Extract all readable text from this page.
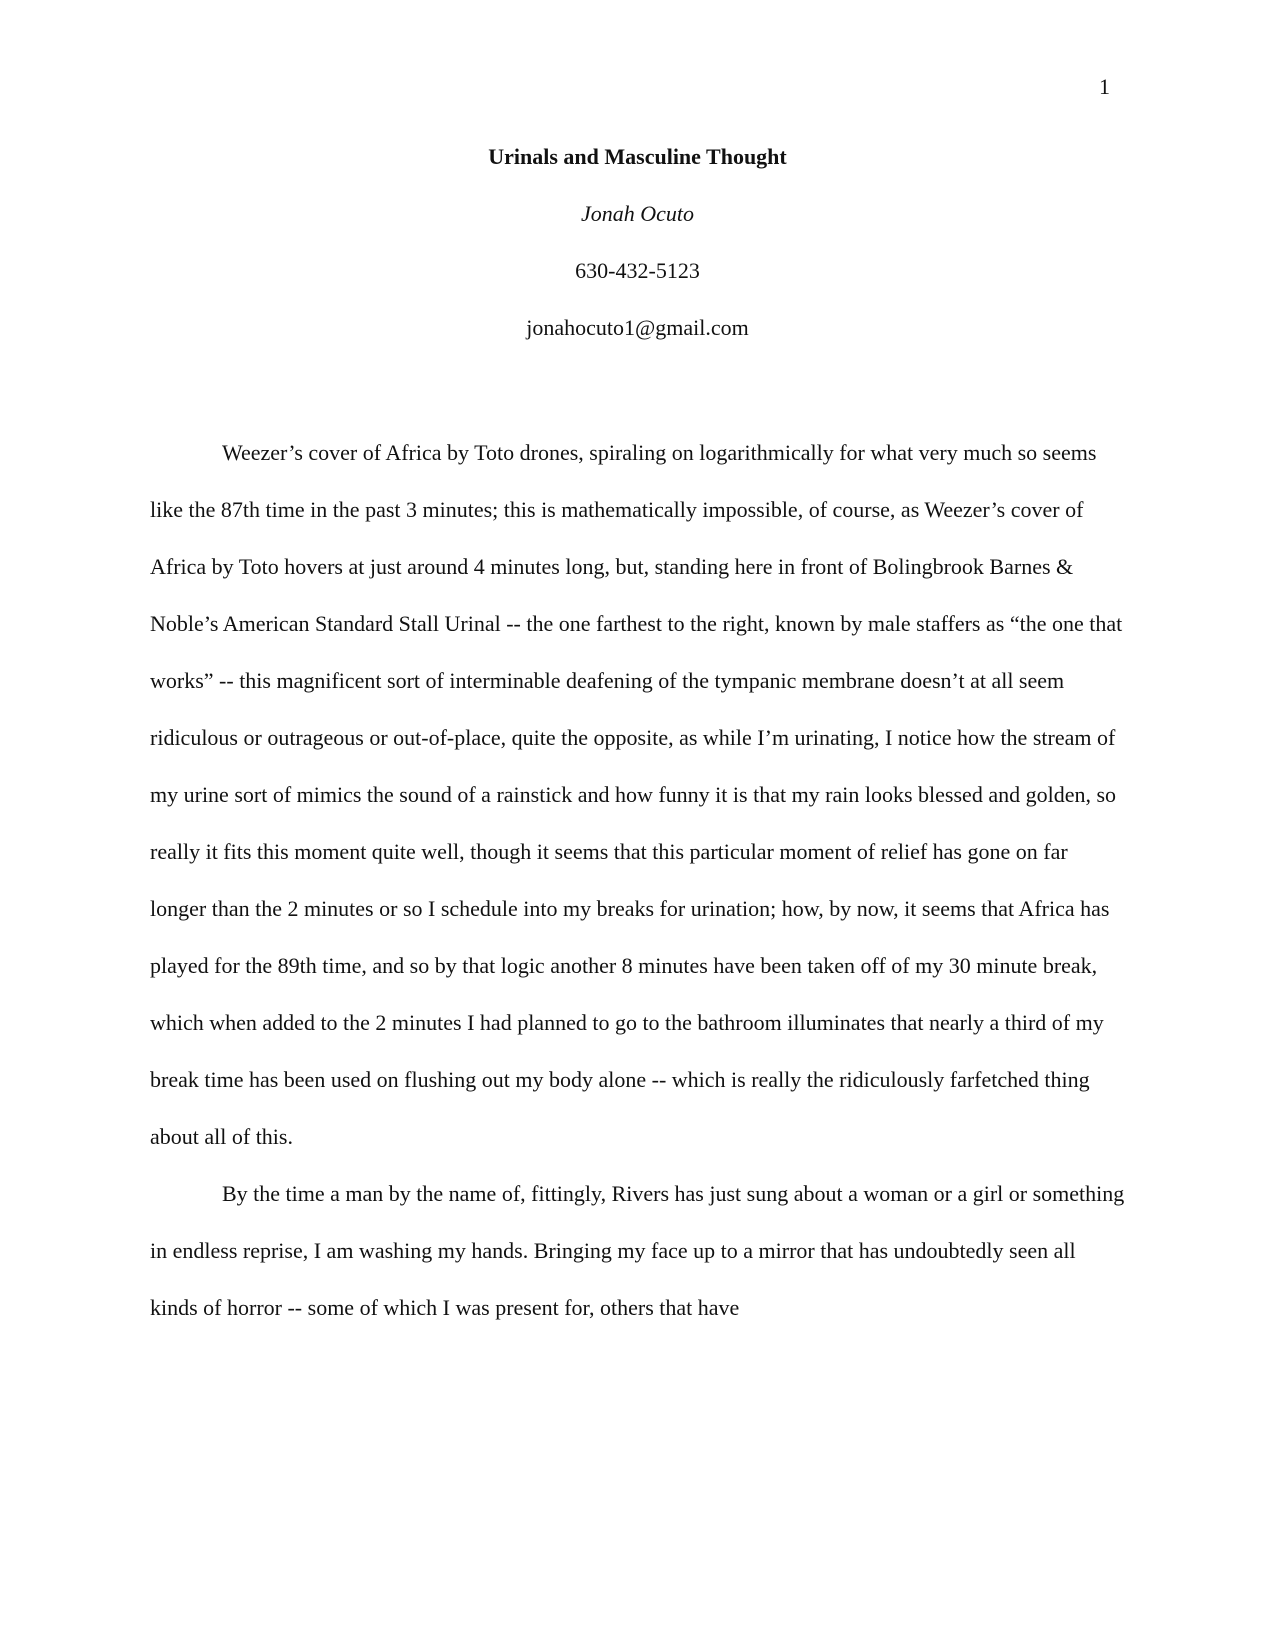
1

Urinals and Masculine Thought

Jonah Ocuto

630-432-5123

jonahocuto1@gmail.com

Weezer’s cover of Africa by Toto drones, spiraling on logarithmically for what very much so seems like the 87th time in the past 3 minutes; this is mathematically impossible, of course, as Weezer’s cover of Africa by Toto hovers at just around 4 minutes long, but, standing here in front of Bolingbrook Barnes & Noble’s American Standard Stall Urinal -- the one farthest to the right, known by male staffers as “the one that works” -- this magnificent sort of interminable deafening of the tympanic membrane doesn’t at all seem ridiculous or outrageous or out-of-place, quite the opposite, as while I’m urinating, I notice how the stream of my urine sort of mimics the sound of a rainstick and how funny it is that my rain looks blessed and golden, so really it fits this moment quite well, though it seems that this particular moment of relief has gone on far longer than the 2 minutes or so I schedule into my breaks for urination; how, by now, it seems that Africa has played for the 89th time, and so by that logic another 8 minutes have been taken off of my 30 minute break, which when added to the 2 minutes I had planned to go to the bathroom illuminates that nearly a third of my break time has been used on flushing out my body alone -- which is really the ridiculously farfetched thing about all of this.

By the time a man by the name of, fittingly, Rivers has just sung about a woman or a girl or something in endless reprise, I am washing my hands. Bringing my face up to a mirror that has undoubtedly seen all kinds of horror -- some of which I was present for, others that have
